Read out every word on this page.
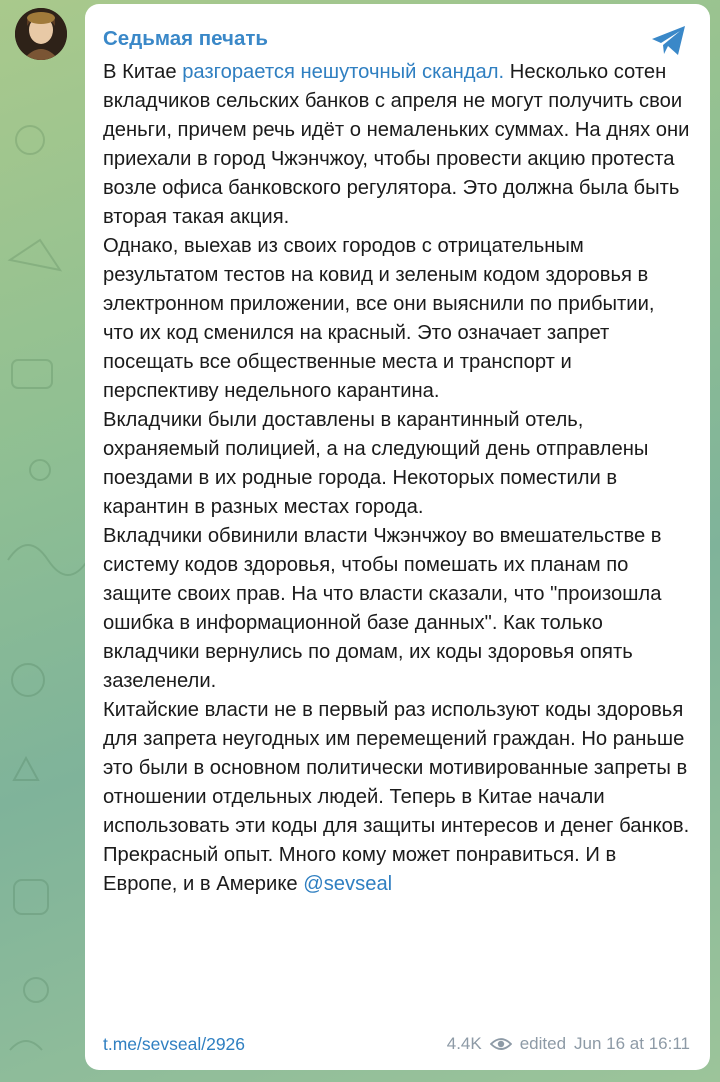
Седьмая печать

В Китае разгорается нешуточный скандал. Несколько сотен вкладчиков сельских банков с апреля не могут получить свои деньги, причем речь идёт о немаленьких суммах. На днях они приехали в город Чжэнчжоу, чтобы провести акцию протеста возле офиса банковского регулятора. Это должна была быть вторая такая акция.

Однако, выехав из своих городов с отрицательным результатом тестов на ковид и зеленым кодом здоровья в электронном приложении, все они выяснили по прибытии, что их код сменился на красный. Это означает запрет посещать все общественные места и транспорт и перспективу недельного карантина.

Вкладчики были доставлены в карантинный отель, охраняемый полицией, а на следующий день отправлены поездами в их родные города. Некоторых поместили в карантин в разных местах города.

Вкладчики обвинили власти Чжэнчжоу во вмешательстве в систему кодов здоровья, чтобы помешать их планам по защите своих прав. На что власти сказали, что "произошла ошибка в информационной базе данных". Как только вкладчики вернулись по домам, их коды здоровья опять зазеленели.

Китайские власти не в первый раз используют коды здоровья для запрета неугодных им перемещений граждан. Но раньше это были в основном политически мотивированные запреты в отношении отдельных людей. Теперь в Китае начали использовать эти коды для защиты интересов и денег банков.

Прекрасный опыт. Много кому может понравиться. И в Европе, и в Америке @sevseal

t.me/sevseal/2926	4.4K edited Jun 16 at 16:11
